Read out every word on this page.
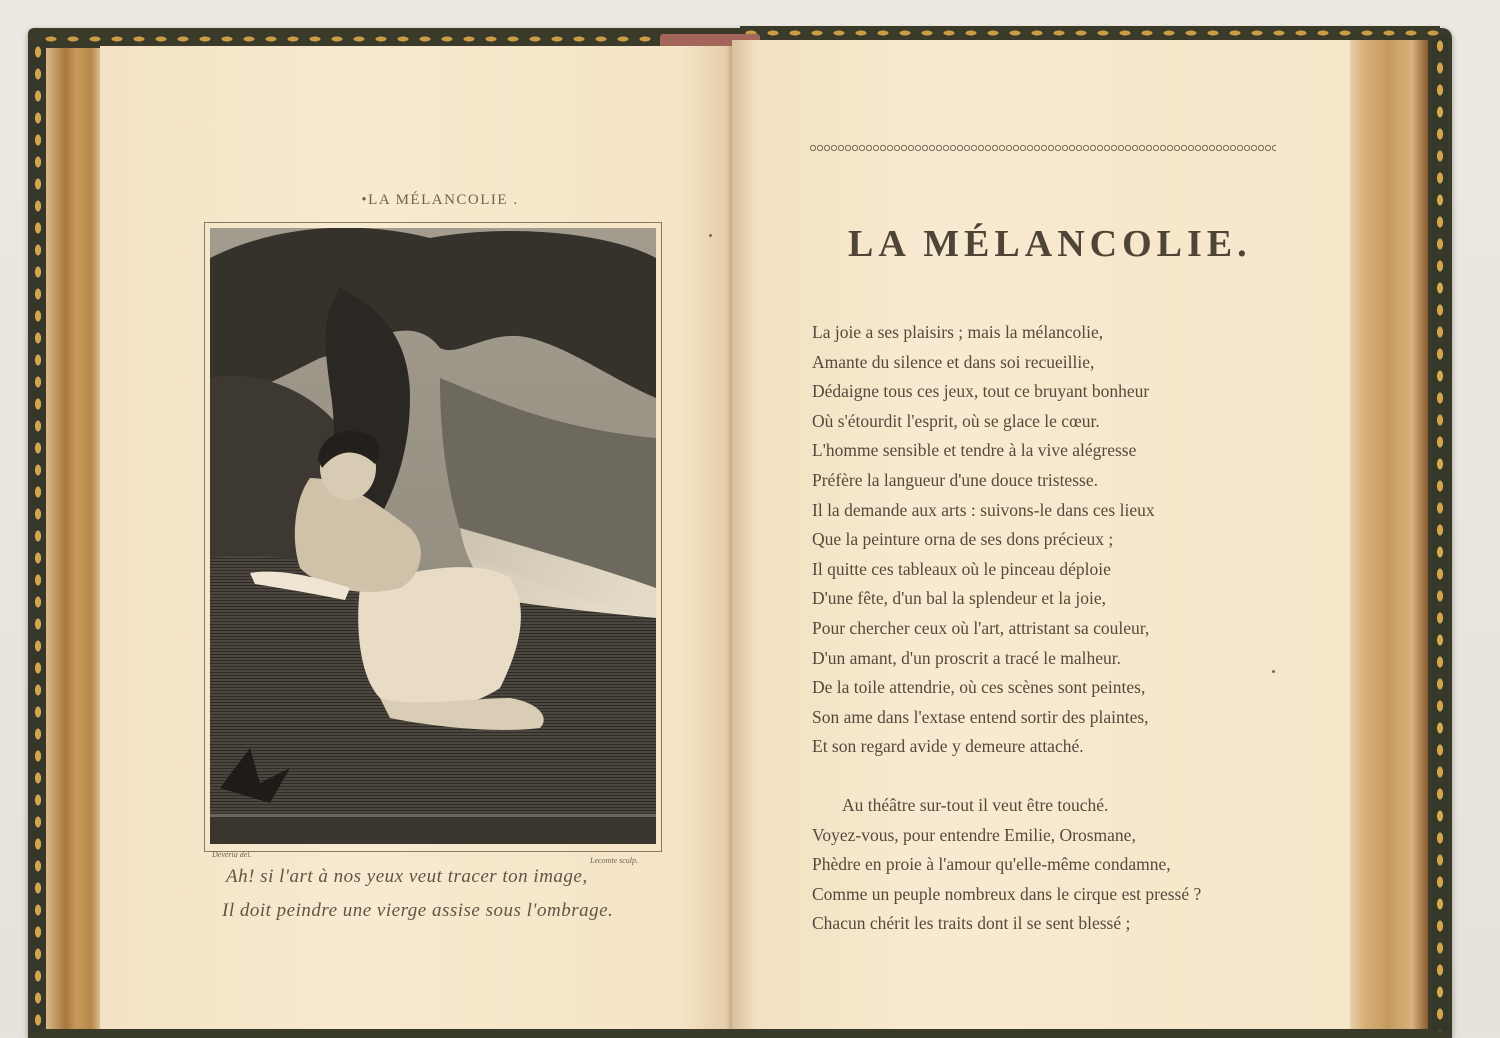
•LA MÉLANCOLIE .
Devéria del.
Lecomte sculp.
Ah! si l'art à nos yeux veut tracer ton image,
Il doit peindre une vierge assise sous l'ombrage.
LA MÉLANCOLIE.
La joie a ses plaisirs ; mais la mélancolie,
Amante du silence et dans soi recueillie,
Dédaigne tous ces jeux, tout ce bruyant bonheur
Où s'étourdit l'esprit, où se glace le cœur.
L'homme sensible et tendre à la vive alégresse
Préfère la langueur d'une douce tristesse.
Il la demande aux arts : suivons-le dans ces lieux
Que la peinture orna de ses dons précieux ;
Il quitte ces tableaux où le pinceau déploie
D'une fête, d'un bal la splendeur et la joie,
Pour chercher ceux où l'art, attristant sa couleur,
D'un amant, d'un proscrit a tracé le malheur.
De la toile attendrie, où ces scènes sont peintes,
Son ame dans l'extase entend sortir des plaintes,
Et son regard avide y demeure attaché.
Au théâtre sur-tout il veut être touché.
Voyez-vous, pour entendre Emilie, Orosmane,
Phèdre en proie à l'amour qu'elle-même condamne,
Comme un peuple nombreux dans le cirque est pressé ?
Chacun chérit les traits dont il se sent blessé ;
